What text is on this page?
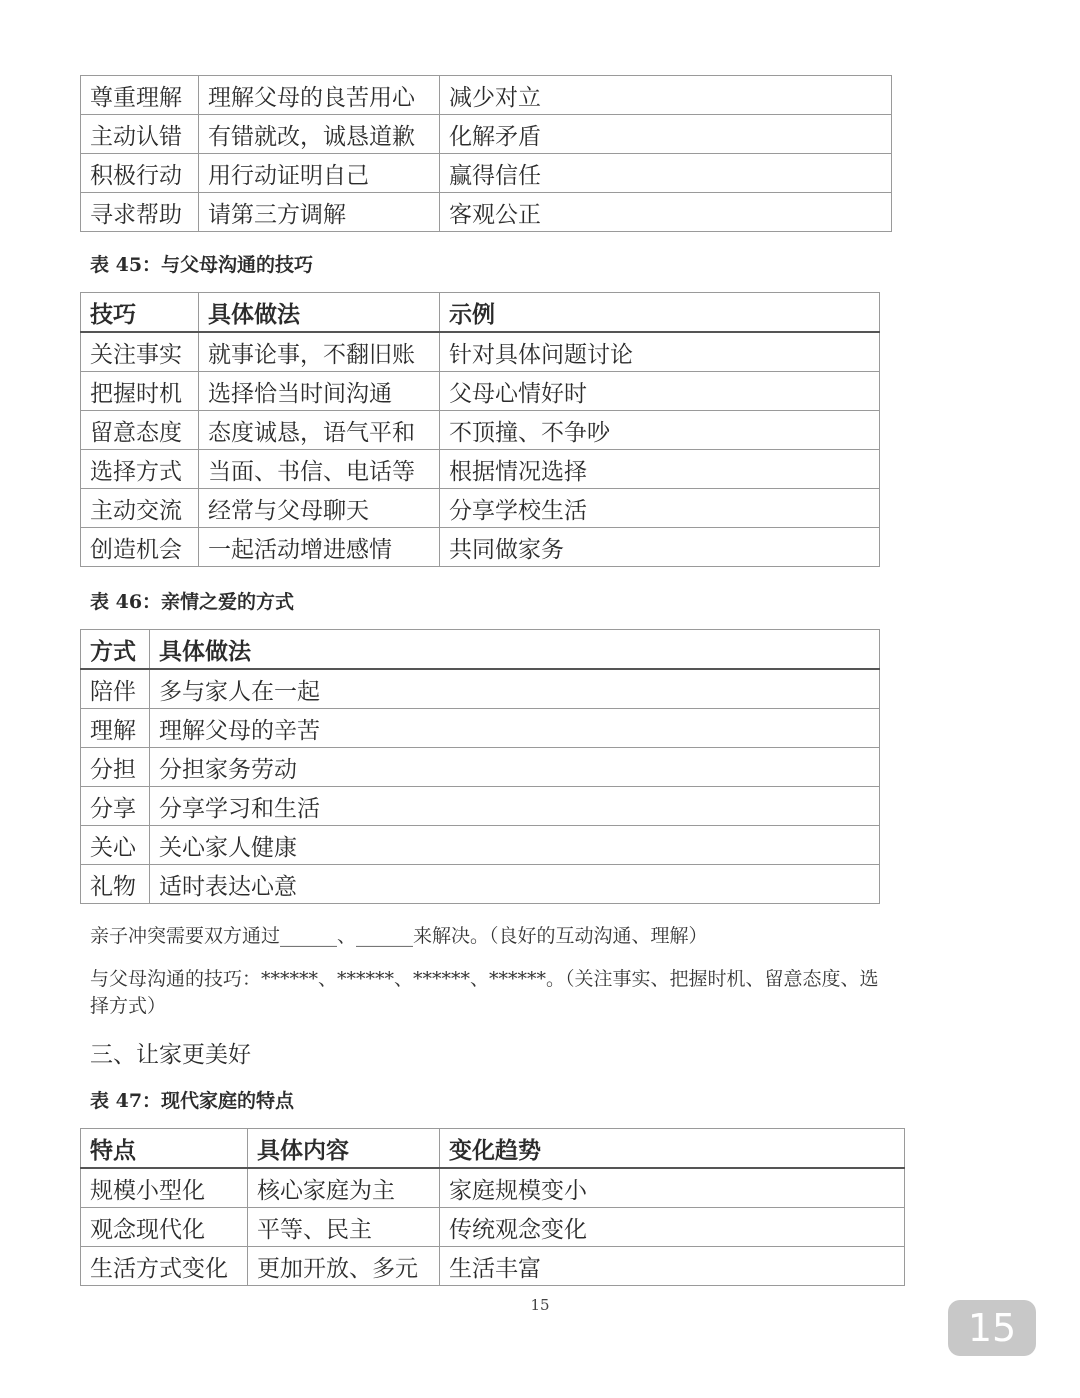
尊重理解	理解父母的良苦用心	减少对立
主动认错	有错就改，诚恳道歉	化解矛盾
积极行动	用行动证明自己	赢得信任
寻求帮助	请第三方调解	客观公正
表 45：与父母沟通的技巧
技巧	具体做法	示例
关注事实	就事论事，不翻旧账	针对具体问题讨论
把握时机	选择恰当时间沟通	父母心情好时
留意态度	态度诚恳，语气平和	不顶撞、不争吵
选择方式	当面、书信、电话等	根据情况选择
主动交流	经常与父母聊天	分享学校生活
创造机会	一起活动增进感情	共同做家务
表 46：亲情之爱的方式
方式	具体做法
陪伴	多与家人在一起
理解	理解父母的辛苦
分担	分担家务劳动
分享	分享学习和生活
关心	关心家人健康
礼物	适时表达心意
亲子冲突需要双方通过______、______来解决。（良好的互动沟通、理解）
与父母沟通的技巧：******、******、******、******。（关注事实、把握时机、留意态度、选
择方式）
三、让家更美好
表 47：现代家庭的特点
特点	具体内容	变化趋势
规模小型化	核心家庭为主	家庭规模变小
观念现代化	平等、民主	传统观念变化
生活方式变化	更加开放、多元	生活丰富
15
15
